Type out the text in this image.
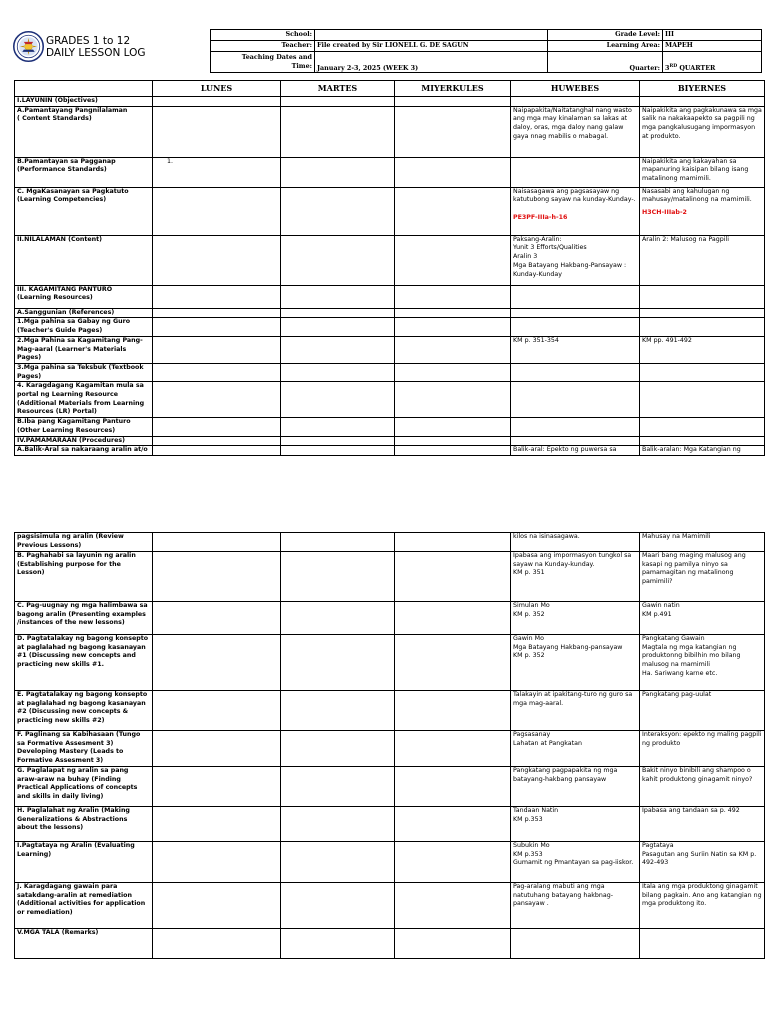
GRADES 1 to 12
DAILY LESSON LOG
School:		Grade Level:	III
Teacher:	File created by Sir LIONELL G. DE SAGUN	Learning Area:	MAPEH
Teaching Dates and
Time:	January 2-3, 2025 (WEEK 3)	Quarter:	3RD QUARTER
	LUNES	MARTES	MIYERKULES	HUWEBES	BIYERNES
I.LAYUNIN (Objectives)					
A.Pamantayang Pangnilalaman
( Content Standards)				Naipapakita/Naitatanghal nang wasto ang mga may kinalaman sa lakas at daloy, oras, mga daloy nang galaw gaya nnag mabilis o mabagal.	Naipakikita ang pagkakunawa sa mga salik na nakakaapekto sa pagpili ng mga pangkalusugang impormasyon at produkto.
B.Pamantayan sa Pagganap
(Performance Standards)	1.				Naipakikita ang kakayahan sa mapanuring kaisipan bilang isang matalinong mamimili.
C. MgaKasanayan sa Pagkatuto
(Learning Competencies)				Naisasagawa ang pagsasayaw ng katutubong sayaw na kunday-Kunday-.
PE3PF-IIIa-h-16	Nasasabi ang kahulugan ng mahusay/matalinong na mamimili.
H3CH-IIIab-2

II.NILALAMAN (Content)				Paksang-Aralin:
Yunit 3 Efforts/Qualities
Aralin 3
Mga Batayang Hakbang-Pansayaw : Kunday-Kunday	Aralin 2: Malusog na Pagpili
III. KAGAMITANG PANTURO
(Learning Resources)					
A.Sanggunian (References)					
1.Mga pahina sa Gabay ng Guro
(Teacher's Guide Pages)					
2.Mga Pahina sa Kagamitang Pang-Mag-aaral (Learner's Materials Pages)				KM p. 351-354	KM pp. 491-492
3.Mga pahina sa Teksbuk (Textbook Pages)					
4. Karagdagang Kagamitan mula sa portal ng Learning Resource
(Additional Materials from Learning Resources (LR) Portal)					
B.Iba pang Kagamitang Panturo
(Other Learning Resources)					
IV.PAMAMARAAN (Procedures)					
A.Balik-Aral sa nakaraang aralin at/o				Balik-aral: Epekto ng puwersa sa	Balik-aralan: Mga Katangian ng
pagsisimula ng aralin (Review
Previous Lessons)				kilos na isinasagawa.	Mahusay na Mamimili
B. Paghahabi sa layunin ng aralin
(Establishing purpose for the Lesson)				Ipabasa ang impormasyon tungkol sa sayaw na Kunday-kunday.
KM p. 351	Maari bang maging malusog ang kasapi ng pamilya ninyo sa pamamagitan ng matalinong pamimili?
C. Pag-uugnay ng mga halimbawa sa bagong aralin (Presenting examples /instances of the new lessons)				Simulan Mo
KM p. 352	Gawin natin
KM p.491
D. Pagtatalakay ng bagong konsepto at paglalahad ng bagong kasanayan #1 (Discussing new concepts and practicing new skills #1.				Gawin Mo
Mga Batayang Hakbang-pansayaw
KM p. 352	Pangkatang Gawain
Magtala ng mga katangian ng produktonng bibilhin mo bilang malusog na mamimili
Ha. Sariwang karne etc.
E. Pagtatalakay ng bagong konsepto at paglalahad ng bagong kasanayan #2 (Discussing new concepts & practicing new skills #2)				Talakayin at ipakitang-turo ng guro sa mga mag-aaral.	Pangkatang pag-uulat
F. Paglinang sa Kabihasaan (Tungo sa Formative Assesment 3)
Developing Mastery (Leads to Formative Assesment 3)				Pagsasanay
Lahatan at Pangkatan	Interaksyon: epekto ng maling pagpili ng produkto
G. Paglalapat ng aralin sa pang araw-araw na buhay (Finding Practical Applications of concepts and skills in daily living)				Pangkatang pagpapakita ng mga batayang-hakbang pansayaw	Bakit ninyo binibili ang shampoo o kahit produktong ginagamit ninyo?
H. Paglalahat ng Aralin (Making Generalizations & Abstractions about the lessons)				Tandaan Natin
KM p.353	Ipabasa ang tandaan sa p. 492
I.Pagtataya ng Aralin (Evaluating Learning)				Subukin Mo
KM p.353
Gumamit ng Pmantayan sa pag-iiskor.	Pagtataya
Pasagutan ang Suriin Natin sa KM p. 492-493
J. Karagdagang gawain para satakdang-aralin at remediation (Additional activities for application or remediation)				Pag-aralang mabuti ang mga natutuhang batayang hakbnag-pansayaw .	Itala ang mga produktong ginagamit bilang pagkain. Ano ang katangian ng mga produktong ito.
V.MGA TALA (Remarks)					
